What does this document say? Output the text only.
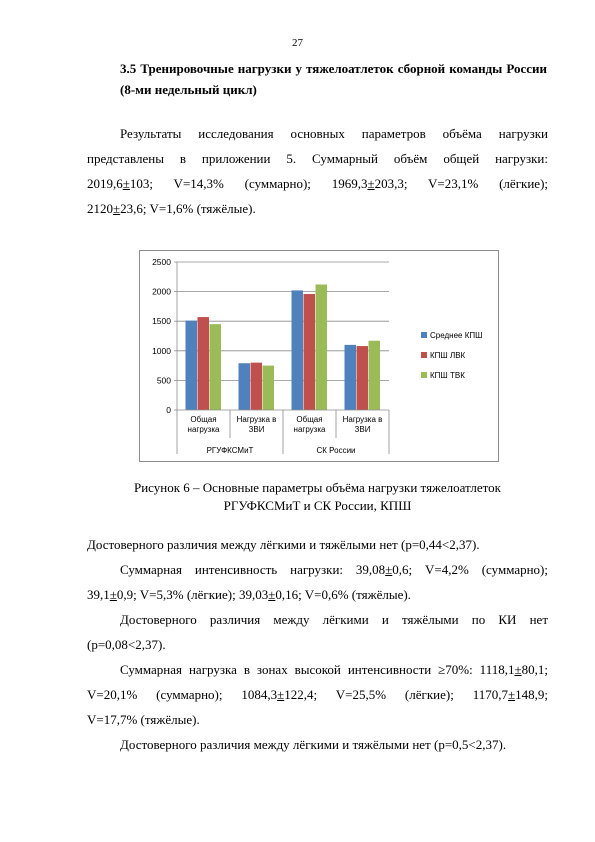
27
3.5 Тренировочные нагрузки у тяжелоатлеток сборной команды России (8-ми недельный цикл)

Результаты исследования основных параметров объёма нагрузки

представлены в приложении 5. Суммарный объём общей нагрузки:

2019,6±103; V=14,3% (суммарно); 1969,3±203,3; V=23,1% (лёгкие);

2120±23,6; V=1,6% (тяжёлые).

0
500
1000
1500
2000
2500
Общая
нагрузка
Нагрузка в
ЗВИ
Общая
нагрузка
Нагрузка в
ЗВИ
РГУФКСМиТ	СК России
Среднее КПШ
КПШ ЛВК
КПШ ТВК
Рисунок 6 – Основные параметры объёма нагрузки тяжелоатлеток
РГУФКСМиТ и СК России, КПШ

Достоверного различия между лёгкими и тяжёлыми нет (р=0,44<2,37).

Суммарная интенсивность нагрузки: 39,08±0,6; V=4,2% (суммарно);

39,1±0,9; V=5,3% (лёгкие); 39,03±0,16; V=0,6% (тяжёлые).

Достоверного различия между лёгкими и тяжёлыми по КИ нет

(р=0,08<2,37).

Суммарная нагрузка в зонах высокой интенсивности ≥70%: 1118,1±80,1;

V=20,1% (суммарно); 1084,3±122,4; V=25,5% (лёгкие); 1170,7±148,9;

V=17,7% (тяжёлые).

Достоверного различия между лёгкими и тяжёлыми нет (р=0,5<2,37).
